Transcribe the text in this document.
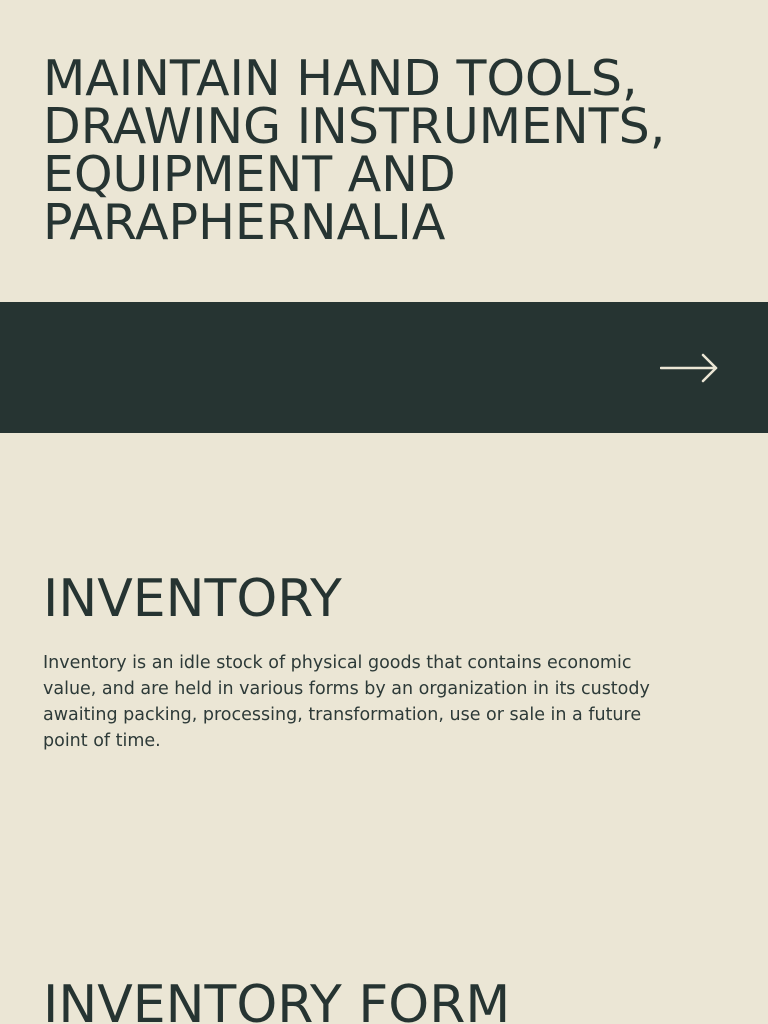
MAINTAIN HAND TOOLS,
DRAWING INSTRUMENTS,
EQUIPMENT AND
PARAPHERNALIA
INVENTORY

Inventory is an idle stock of physical goods that contains economic value, and are held in various forms by an organization in its custody awaiting packing, processing, transformation, use or sale in a future point of time.

INVENTORY FORM
